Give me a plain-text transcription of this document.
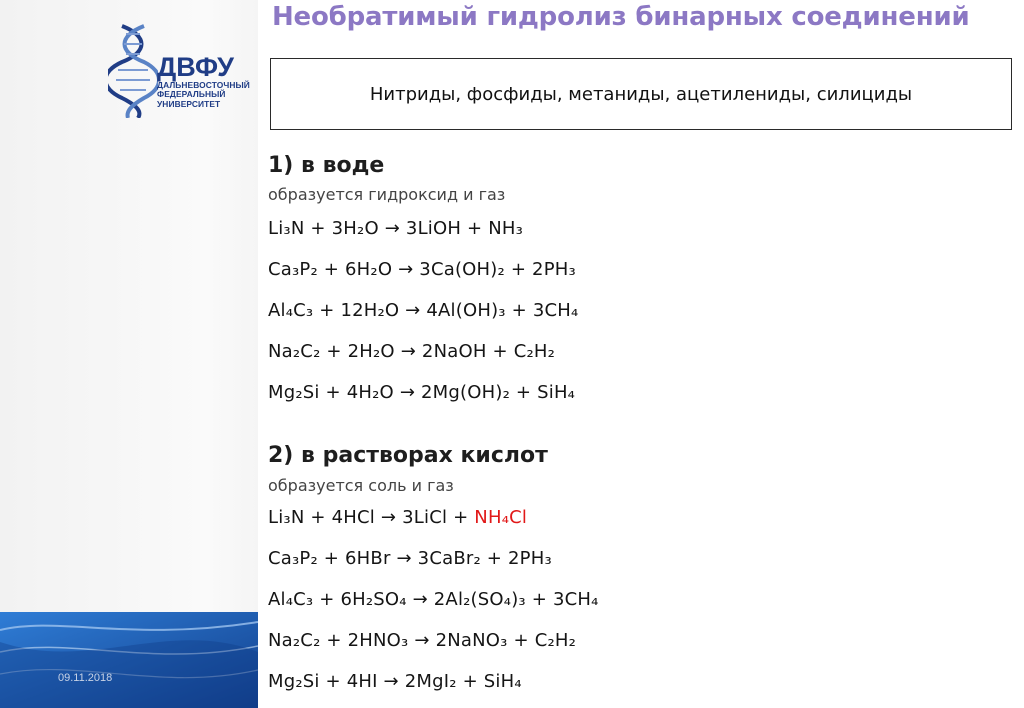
09.11.2018
ДВФУ
ДАЛЬНЕВОСТОЧНЫЙ
ФЕДЕРАЛЬНЫЙ
УНИВЕРСИТЕТ
Необратимый гидролиз бинарных соединений
Нитриды, фосфиды, метаниды, ацетилениды, силициды
1) в воде
образуется гидроксид и газ
Li₃N + 3H₂O → 3LiOH + NH₃
Ca₃P₂ + 6H₂O → 3Ca(OH)₂ + 2PH₃
Al₄C₃ + 12H₂O → 4Al(OH)₃ + 3CH₄
Na₂C₂ + 2H₂O → 2NaOH + C₂H₂
Mg₂Si + 4H₂O → 2Mg(OH)₂ + SiH₄
2) в растворах кислот
образуется соль и газ
Li₃N + 4HCl → 3LiCl + NH₄Cl
Ca₃P₂ + 6HBr → 3CaBr₂ + 2PH₃
Al₄C₃ + 6H₂SO₄ → 2Al₂(SO₄)₃ + 3CH₄
Na₂C₂ + 2HNO₃ → 2NaNO₃ + C₂H₂
Mg₂Si + 4HI → 2MgI₂ + SiH₄
